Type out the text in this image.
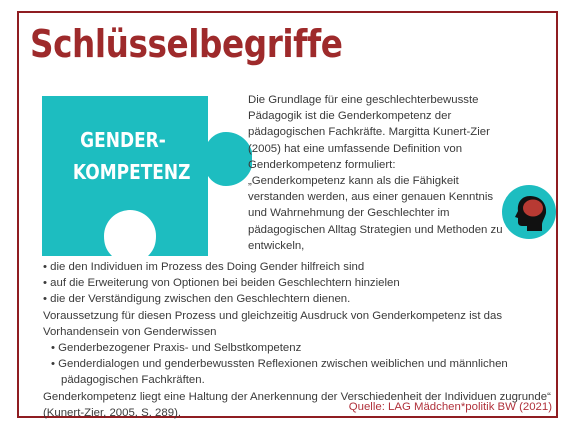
Schlüsselbegriffe
GENDER-
KOMPETENZ

Die Grundlage für eine geschlechterbewusste Pädagogik ist die Genderkompetenz der pädagogischen Fachkräfte. Margitta Kunert-Zier (2005) hat eine umfassende Definition von Genderkompetenz formuliert:

„Genderkompetenz kann als die Fähigkeit verstanden werden, aus einer genauen Kenntnis und Wahrnehmung der Geschlechter im pädagogischen Alltag Strategien und Methoden zu entwickeln,

• die den Individuen im Prozess des Doing Gender hilfreich sind
• auf die Erweiterung von Optionen bei beiden Geschlechtern hinzielen
• die der Verständigung zwischen den Geschlechtern dienen.

Voraussetzung für diesen Prozess und gleichzeitig Ausdruck von Genderkompetenz ist das Vorhandensein von Genderwissen

• Genderbezogener Praxis- und Selbstkompetenz
• Genderdialogen und genderbewussten Reflexionen zwischen weiblichen und männlichen pädagogischen Fachkräften.

Genderkompetenz liegt eine Haltung der Anerkennung der Verschiedenheit der Individuen zugrunde“ (Kunert-Zier, 2005, S. 289).	Quelle: LAG Mädchen*politik BW (2021)
